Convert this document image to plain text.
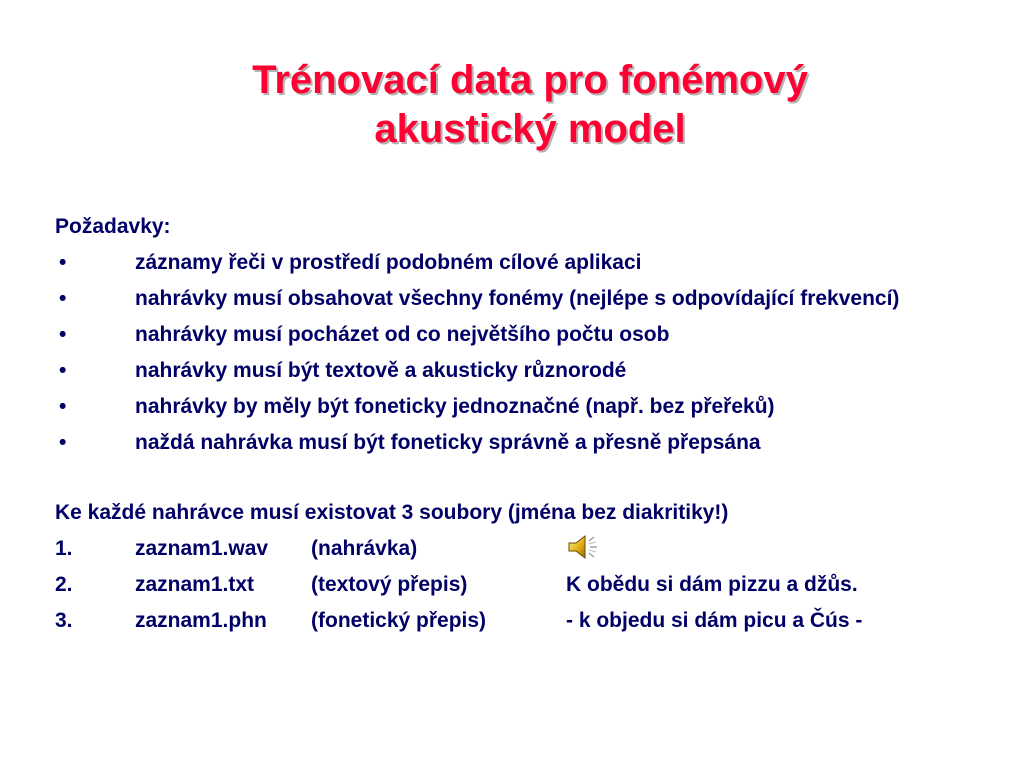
Trénovací data pro fonémový
akustický model
Požadavky:
•	záznamy řeči v prostředí podobném cílové aplikaci
•	nahrávky musí obsahovat všechny fonémy (nejlépe s odpovídající frekvencí)
•	nahrávky musí pocházet od co největšího počtu osob
•	nahrávky musí být textově a akusticky různorodé
•	nahrávky by měly být foneticky jednoznačné (např. bez přeřeků)
•	naždá nahrávka musí být foneticky správně a přesně přepsána
Ke každé nahrávce musí existovat 3 soubory (jména bez diakritiky!)
1.	zaznam1.wav	(nahrávka)
2.	zaznam1.txt	(textový přepis)	K obědu si dám pizzu a džůs.
3.	zaznam1.phn	(fonetický přepis)	- k objedu si dám picu a Čús -
